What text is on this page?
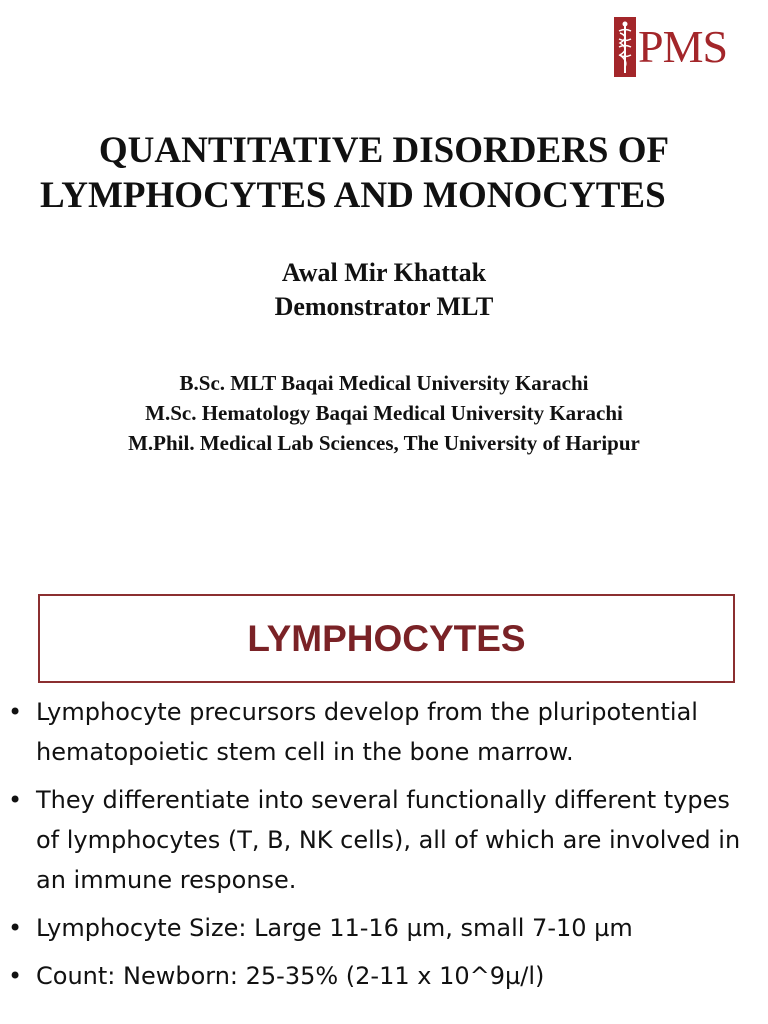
PMS
QUANTITATIVE DISORDERS OF
LYMPHOCYTES AND MONOCYTES
Awal Mir Khattak
Demonstrator MLT
B.Sc. MLT Baqai Medical University Karachi
M.Sc. Hematology Baqai Medical University Karachi
M.Phil. Medical Lab Sciences, The University of Haripur
LYMPHOCYTES
• Lymphocyte precursors develop from the pluripotential hematopoietic stem cell in the bone marrow.
• They differentiate into several functionally different types of lymphocytes (T, B, NK cells), all of which are involved in an immune response.
• Lymphocyte Size: Large 11-16 µm, small 7-10 µm
• Count: Newborn: 25-35% (2-11 x 10^9µ/l)
